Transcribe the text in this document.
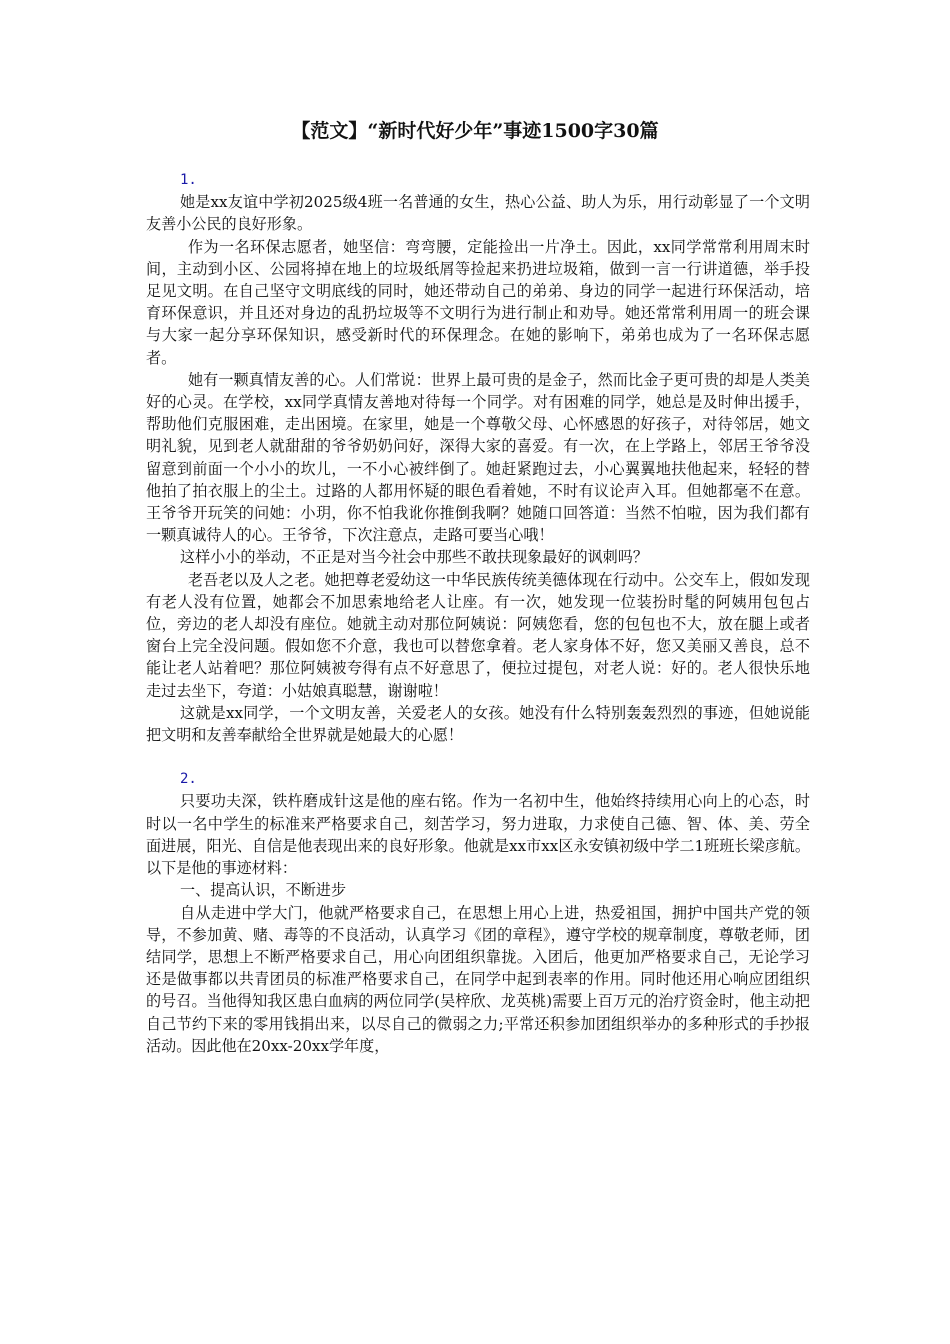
【范文】“新时代好少年”事迹1500字30篇

1.

她是xx友谊中学初2025级4班一名普通的女生，热心公益、助人为乐，用行动彰显了一个文明友善小公民的良好形象。

作为一名环保志愿者，她坚信：弯弯腰，定能捡出一片净土。因此，xx同学常常利用周末时间，主动到小区、公园将掉在地上的垃圾纸屑等捡起来扔进垃圾箱，做到一言一行讲道德，举手投足见文明。在自己坚守文明底线的同时，她还带动自己的弟弟、身边的同学一起进行环保活动，培育环保意识，并且还对身边的乱扔垃圾等不文明行为进行制止和劝导。她还常常利用周一的班会课与大家一起分享环保知识，感受新时代的环保理念。在她的影响下，弟弟也成为了一名环保志愿者。

她有一颗真情友善的心。人们常说：世界上最可贵的是金子，然而比金子更可贵的却是人类美好的心灵。在学校，xx同学真情友善地对待每一个同学。对有困难的同学，她总是及时伸出援手，帮助他们克服困难，走出困境。在家里，她是一个尊敬父母、心怀感恩的好孩子，对待邻居，她文明礼貌，见到老人就甜甜的爷爷奶奶问好，深得大家的喜爱。有一次，在上学路上，邻居王爷爷没留意到前面一个小小的坎儿，一不小心被绊倒了。她赶紧跑过去，小心翼翼地扶他起来，轻轻的替他拍了拍衣服上的尘土。过路的人都用怀疑的眼色看着她，不时有议论声入耳。但她都毫不在意。王爷爷开玩笑的问她：小玥，你不怕我讹你推倒我啊？她随口回答道：当然不怕啦，因为我们都有一颗真诚待人的心。王爷爷，下次注意点，走路可要当心哦！

这样小小的举动，不正是对当今社会中那些不敢扶现象最好的讽刺吗？

老吾老以及人之老。她把尊老爱幼这一中华民族传统美德体现在行动中。公交车上，假如发现有老人没有位置，她都会不加思索地给老人让座。有一次，她发现一位装扮时髦的阿姨用包包占位，旁边的老人却没有座位。她就主动对那位阿姨说：阿姨您看，您的包包也不大，放在腿上或者窗台上完全没问题。假如您不介意，我也可以替您拿着。老人家身体不好，您又美丽又善良，总不能让老人站着吧？那位阿姨被夸得有点不好意思了，便拉过提包，对老人说：好的。老人很快乐地走过去坐下，夸道：小姑娘真聪慧，谢谢啦！

这就是xx同学，一个文明友善，关爱老人的女孩。她没有什么特别轰轰烈烈的事迹，但她说能把文明和友善奉献给全世界就是她最大的心愿！

2.

只要功夫深，铁杵磨成针这是他的座右铭。作为一名初中生，他始终持续用心向上的心态，时时以一名中学生的标准来严格要求自己，刻苦学习，努力进取，力求使自己德、智、体、美、劳全面进展，阳光、自信是他表现出来的良好形象。他就是xx市xx区永安镇初级中学二1班班长梁彦航。以下是他的事迹材料：

一、提高认识，不断进步

自从走进中学大门，他就严格要求自己，在思想上用心上进，热爱祖国，拥护中国共产党的领导，不参加黄、赌、毒等的不良活动，认真学习《团的章程》，遵守学校的规章制度，尊敬老师，团结同学，思想上不断严格要求自己，用心向团组织靠拢。入团后，他更加严格要求自己，无论学习还是做事都以共青团员的标准严格要求自己，在同学中起到表率的作用。同时他还用心响应团组织的号召。当他得知我区患白血病的两位同学(吴梓欣、龙英桃)需要上百万元的治疗资金时，他主动把自己节约下来的零用钱捐出来，以尽自己的微弱之力;平常还积参加团组织举办的多种形式的手抄报活动。因此他在20xx-20xx学年度，
